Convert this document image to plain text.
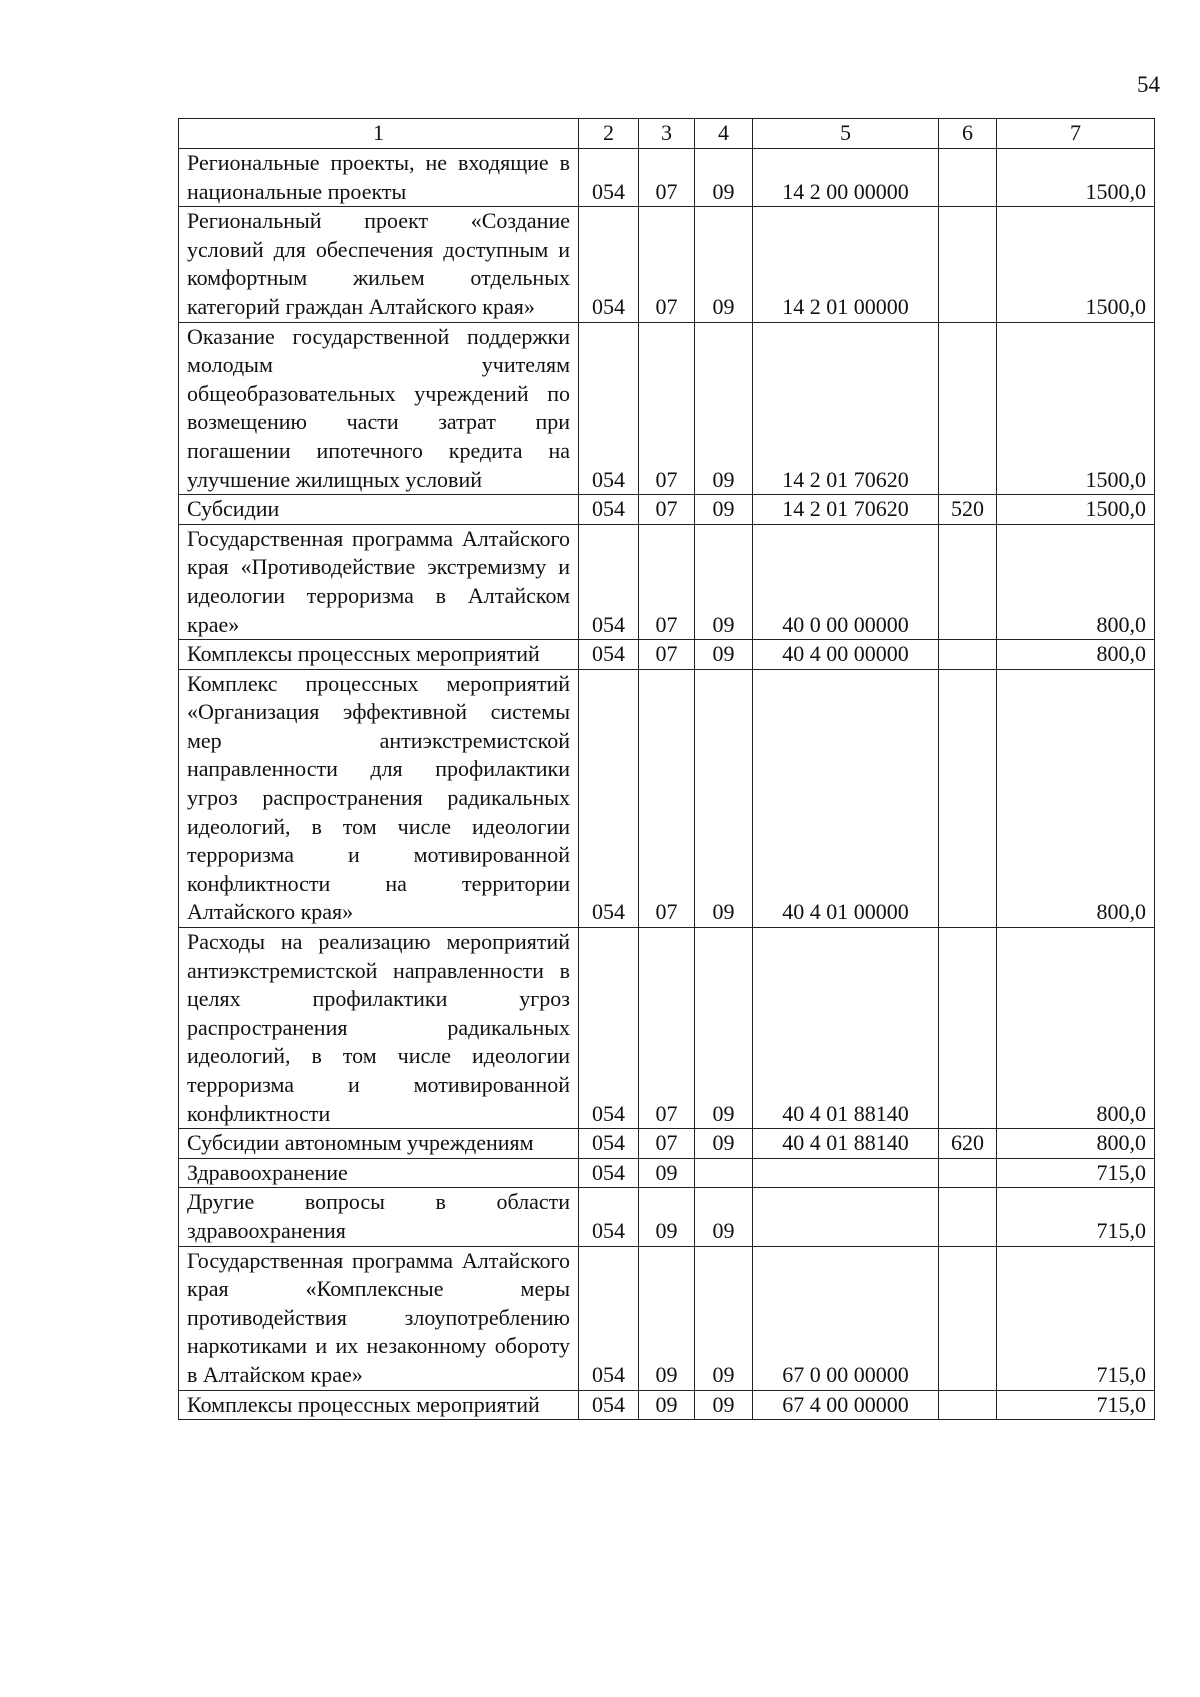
54
1	2	3	4	5	6	7
Региональные проекты, не входящие в национальные проекты	054	07	09	14 2 00 00000		1500,0
Региональный проект «Создание условий для обеспечения доступным и комфортным жильем отдельных категорий граждан Алтайского края»	054	07	09	14 2 01 00000		1500,0
Оказание государственной поддержки молодым учителям общеобразовательных учреждений по возмещению части затрат при погашении ипотечного кредита на улучшение жилищных условий	054	07	09	14 2 01 70620		1500,0
Субсидии	054	07	09	14 2 01 70620	520	1500,0
Государственная программа Алтайского края «Противодействие экстремизму и идеологии терроризма в Алтайском крае»	054	07	09	40 0 00 00000		800,0
Комплексы процессных мероприятий	054	07	09	40 4 00 00000		800,0
Комплекс процессных мероприятий «Организация эффективной системы мер антиэкстремистской направленности для профилактики угроз распространения радикальных идеологий, в том числе идеологии терроризма и мотивированной конфликтности на территории Алтайского края»	054	07	09	40 4 01 00000		800,0
Расходы на реализацию мероприятий антиэкстремистской направленности в целях профилактики угроз распространения радикальных идеологий, в том числе идеологии терроризма и мотивированной конфликтности	054	07	09	40 4 01 88140		800,0
Субсидии автономным учреждениям	054	07	09	40 4 01 88140	620	800,0
Здравоохранение	054	09				715,0
Другие вопросы в области здравоохранения	054	09	09			715,0
Государственная программа Алтайского края «Комплексные меры противодействия злоупотреблению наркотиками и их незаконному обороту в Алтайском крае»	054	09	09	67 0 00 00000		715,0
Комплексы процессных мероприятий	054	09	09	67 4 00 00000		715,0
